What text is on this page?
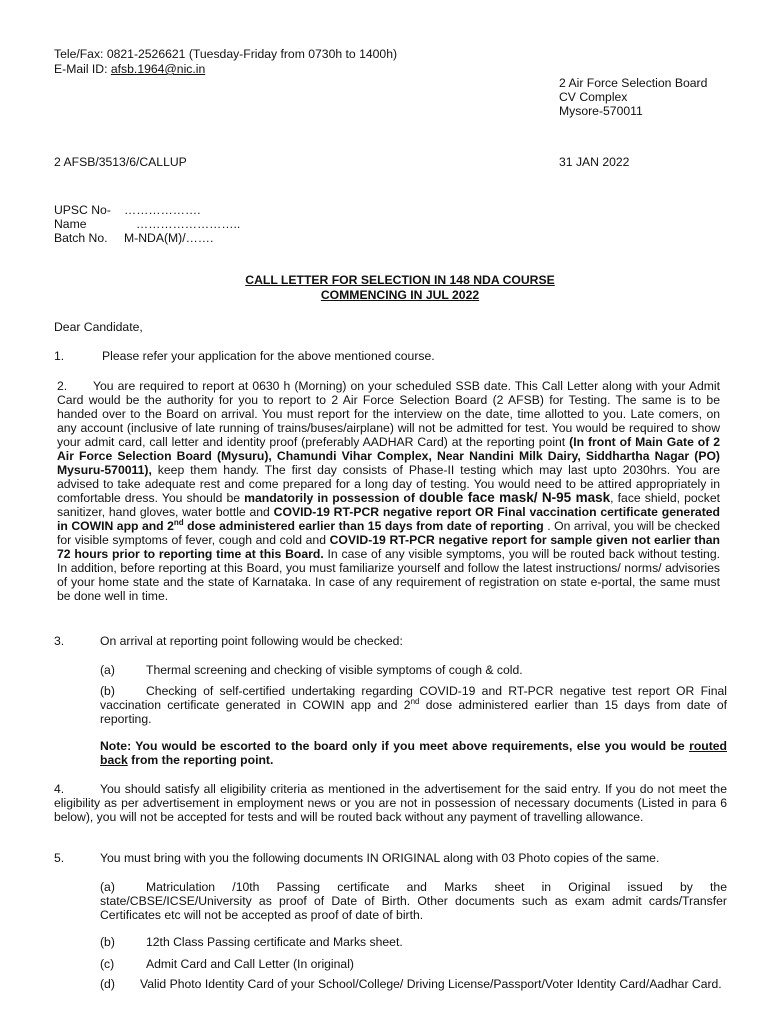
Tele/Fax: 0821-2526621 (Tuesday-Friday from 0730h to 1400h)
E-Mail ID: afsb.1964@nic.in
2 Air Force Selection Board
CV Complex
Mysore-570011
2 AFSB/3513/6/CALLUP	31 JAN 2022
UPSC No- ……………….
Name	……………………..
Batch No. M-NDA(M)/…….
CALL LETTER FOR SELECTION IN 148 NDA COURSE
COMMENCING IN JUL 2022
Dear Candidate,
1.	Please refer your application for the above mentioned course.
2. You are required to report at 0630 h (Morning) on your scheduled SSB date. This Call Letter along with your Admit Card would be the authority for you to report to 2 Air Force Selection Board (2 AFSB) for Testing. The same is to be handed over to the Board on arrival. You must report for the interview on the date, time allotted to you. Late comers, on any account (inclusive of late running of trains/buses/airplane) will not be admitted for test. You would be required to show your admit card, call letter and identity proof (preferably AADHAR Card) at the reporting point (In front of Main Gate of 2 Air Force Selection Board (Mysuru), Chamundi Vihar Complex, Near Nandini Milk Dairy, Siddhartha Nagar (PO) Mysuru-570011), keep them handy. The first day consists of Phase-II testing which may last upto 2030hrs. You are advised to take adequate rest and come prepared for a long day of testing. You would need to be attired appropriately in comfortable dress. You should be mandatorily in possession of double face mask/ N-95 mask, face shield, pocket sanitizer, hand gloves, water bottle and COVID-19 RT-PCR negative report OR Final vaccination certificate generated in COWIN app and 2nd dose administered earlier than 15 days from date of reporting . On arrival, you will be checked for visible symptoms of fever, cough and cold and COVID-19 RT-PCR negative report for sample given not earlier than 72 hours prior to reporting time at this Board. In case of any visible symptoms, you will be routed back without testing. In addition, before reporting at this Board, you must familiarize yourself and follow the latest instructions/ norms/ advisories of your home state and the state of Karnataka. In case of any requirement of registration on state e-portal, the same must be done well in time.
3.	On arrival at reporting point following would be checked:
(a)	Thermal screening and checking of visible symptoms of cough & cold.
(b)	Checking of self-certified undertaking regarding COVID-19 and RT-PCR negative test report OR Final vaccination certificate generated in COWIN app and 2nd dose administered earlier than 15 days from date of reporting.
Note: You would be escorted to the board only if you meet above requirements, else you would be routed back from the reporting point.
4.	You should satisfy all eligibility criteria as mentioned in the advertisement for the said entry. If you do not meet the eligibility as per advertisement in employment news or you are not in possession of necessary documents (Listed in para 6 below), you will not be accepted for tests and will be routed back without any payment of travelling allowance.
5.	You must bring with you the following documents IN ORIGINAL along with 03 Photo copies of the same.
(a)	Matriculation /10th Passing certificate and Marks sheet in Original issued by the state/CBSE/ICSE/University as proof of Date of Birth. Other documents such as exam admit cards/Transfer Certificates etc will not be accepted as proof of date of birth.
(b)	12th Class Passing certificate and Marks sheet.
(c)	Admit Card and Call Letter (In original)
(d) Valid Photo Identity Card of your School/College/ Driving License/Passport/Voter Identity Card/Aadhar Card.
